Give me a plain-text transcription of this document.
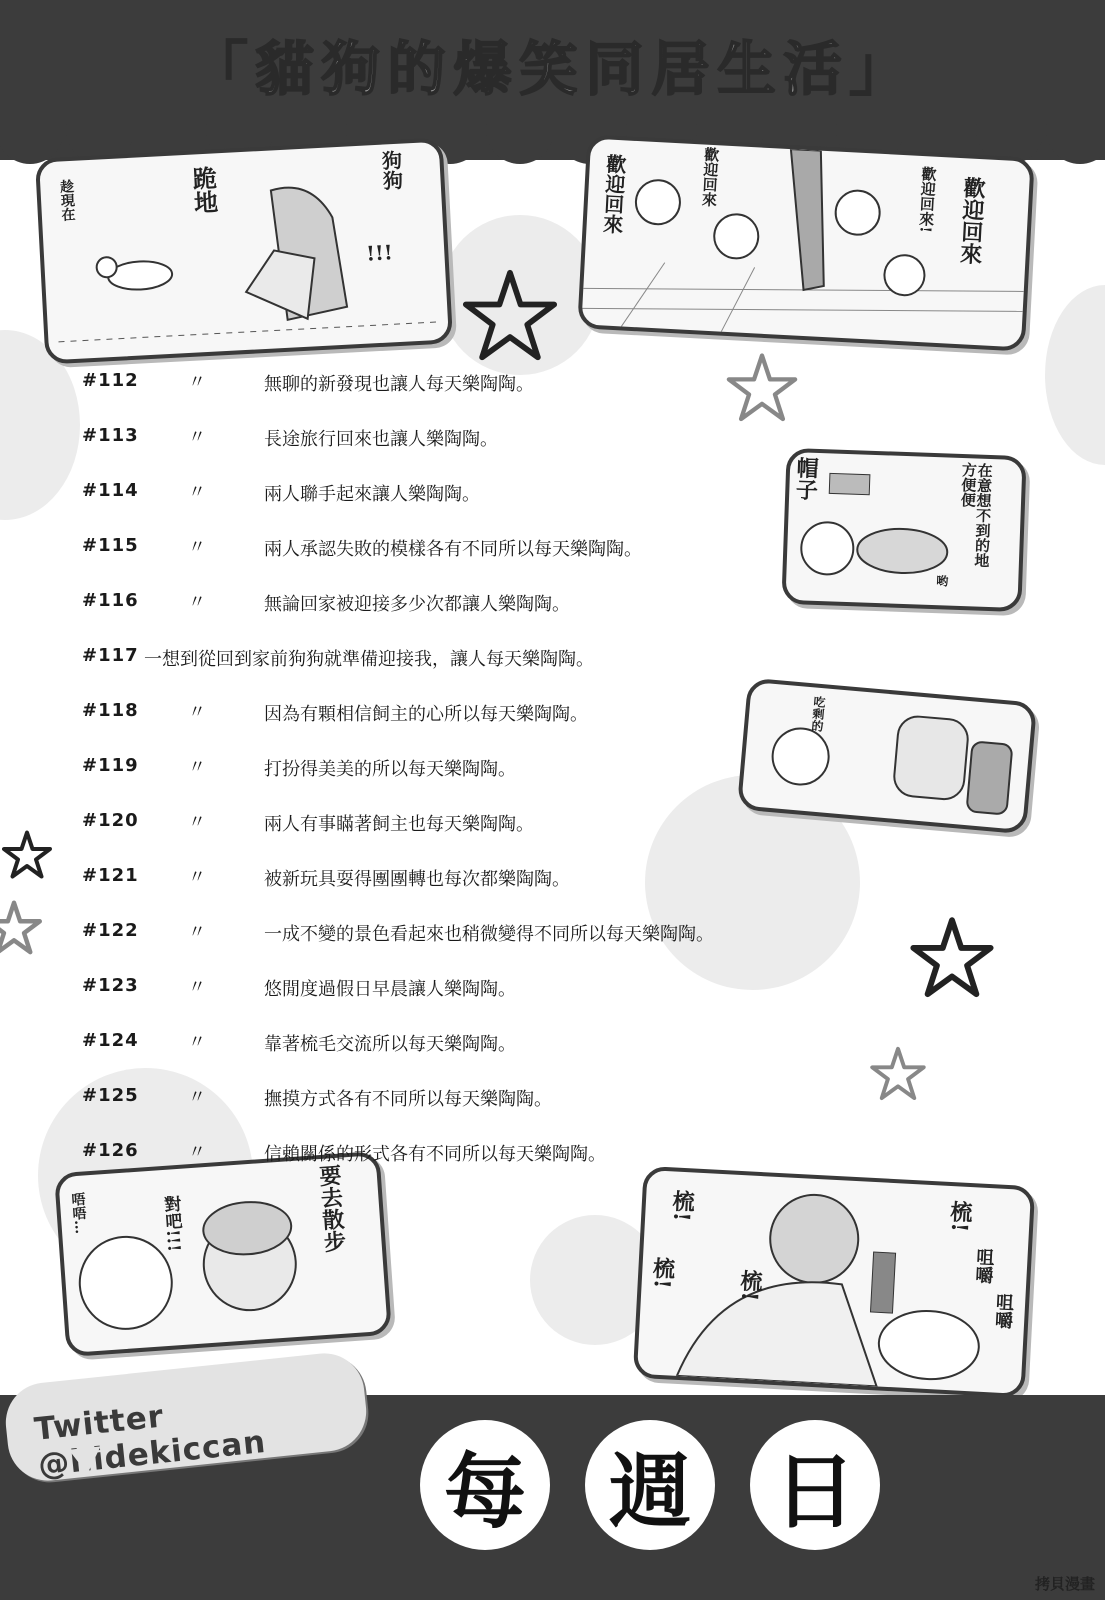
「貓狗的爆笑同居生活」
趁現在	跪地	狗狗
!!!
歡迎回來	歡迎回來	歡迎回來! 歡迎回來
帽子	在意想不到的地方便便
哟
吃剩的
唔唔…	對吧!!!	要去散步	梳!
梳!	梳!
梳!
咀嚼
咀嚼
#112	〃	無聊的新發現也讓人每天樂陶陶。
#113	〃	長途旅行回來也讓人樂陶陶。
#114	〃	兩人聯手起來讓人樂陶陶。
#115	〃	兩人承認失敗的模樣各有不同所以每天樂陶陶。
#116	〃	無論回家被迎接多少次都讓人樂陶陶。
#117 一想到從回到家前狗狗就準備迎接我，讓人每天樂陶陶。
#118	〃	因為有顆相信飼主的心所以每天樂陶陶。
#119	〃	打扮得美美的所以每天樂陶陶。
#120	〃	兩人有事瞞著飼主也每天樂陶陶。
#121	〃	被新玩具耍得團團轉也每次都樂陶陶。
#122	〃	一成不變的景色看起來也稍微變得不同所以每天樂陶陶。
#123	〃	悠閒度過假日早晨讓人樂陶陶。
#124	〃	靠著梳毛交流所以每天樂陶陶。
#125	〃	撫摸方式各有不同所以每天樂陶陶。
#126	〃	信賴關係的形式各有不同所以每天樂陶陶。
Twitter @hidekiccan	每 週 日
拷貝漫畫
